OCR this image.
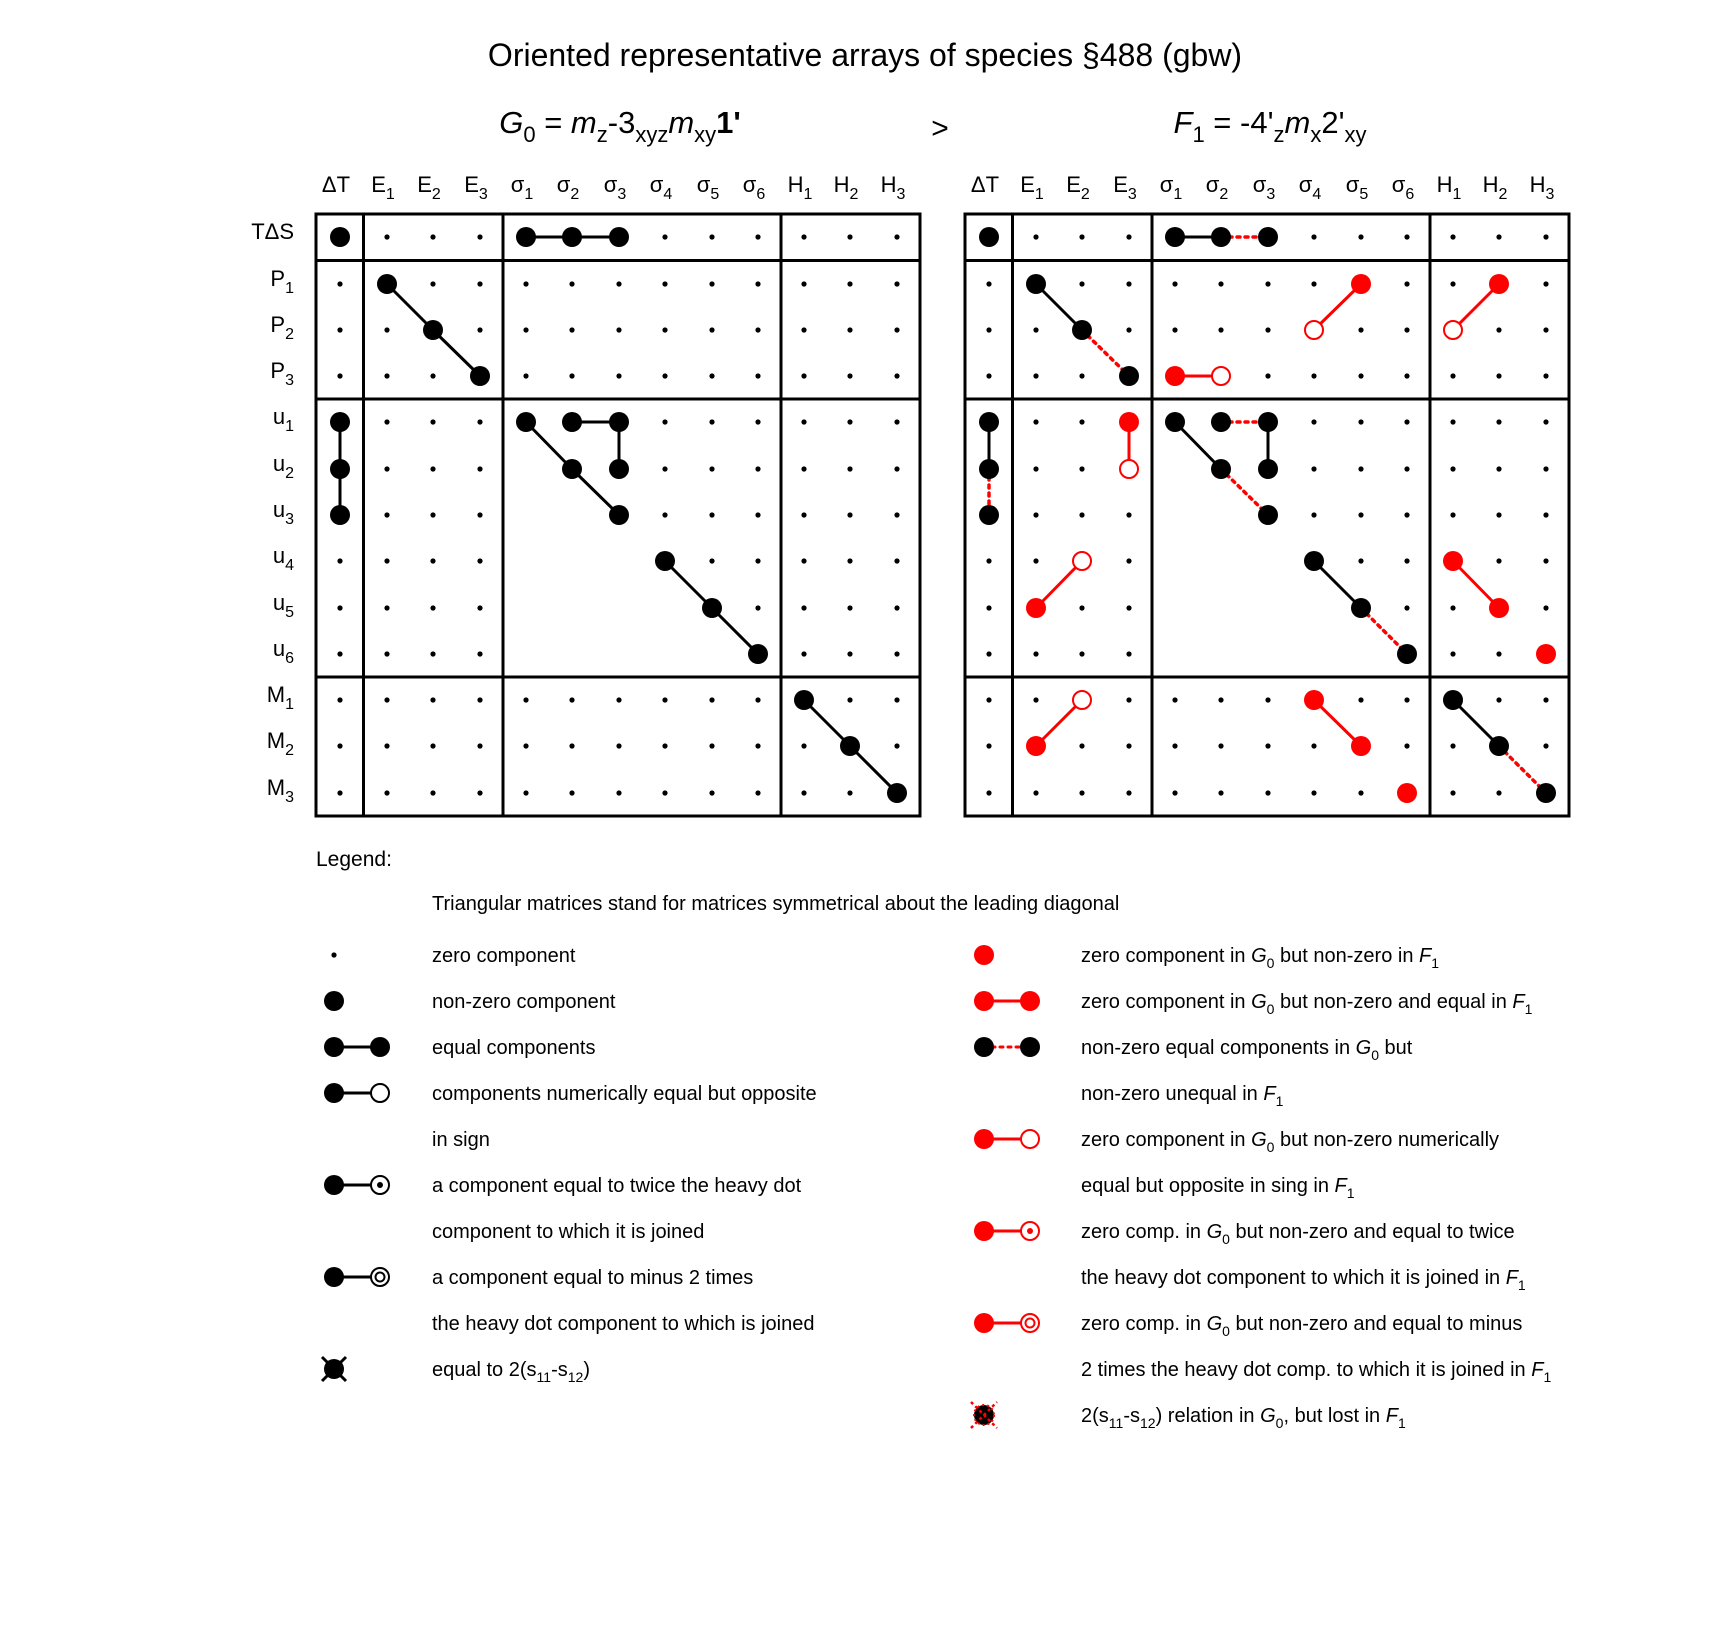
Oriented representative arrays of species §488 (gbw)
>
$G_0 = m_z-3_{xyz}m_{xy}1'$
ΔT $E_1$ $E_2$ $E_3$ $\sigma_1$ $\sigma_2$ $\sigma_3$ $\sigma_4$ $\sigma_5$ $\sigma_6$ $H_1$ $H_2$ $H_3$
TΔS
$P_1$
$P_2$
$P_3$
$u_1$
$u_2$
$u_3$
$u_4$
$u_5$
$u_6$
$M_1$
$M_2$
$M_3$
$F_1 = -4'_zm_x2'_{xy}$
ΔT $E_1$ $E_2$ $E_3$ $\sigma_1$ $\sigma_2$ $\sigma_3$ $\sigma_4$ $\sigma_5$ $\sigma_6$ $H_1$ $H_2$ $H_3$
Legend:
Triangular matrices stand for matrices symmetrical about the leading diagonal
zero component
non-zero component
equal components
components numerically equal but opposite
in sign
a component equal to twice the heavy dot
component to which it is joined
a component equal to minus 2 times
the heavy dot component to which is joined
equal to $2(s_{11}-s_{12})$
zero component in $G_0$ but non-zero in $F_1$
zero component in $G_0$ but non-zero and equal in $F_1$
non-zero equal components in $G_0$ but
non-zero unequal in $F_1$
zero component in $G_0$ but non-zero numerically
equal but opposite in sing in $F_1$
zero comp. in $G_0$ but non-zero and equal to twice
the heavy dot component to which it is joined in $F_1$
zero comp. in $G_0$ but non-zero and equal to minus
2 times the heavy dot comp. to which it is joined in $F_1$
$2(s_{11}-s_{12})$ relation in $G_0$, but lost in $F_1$
